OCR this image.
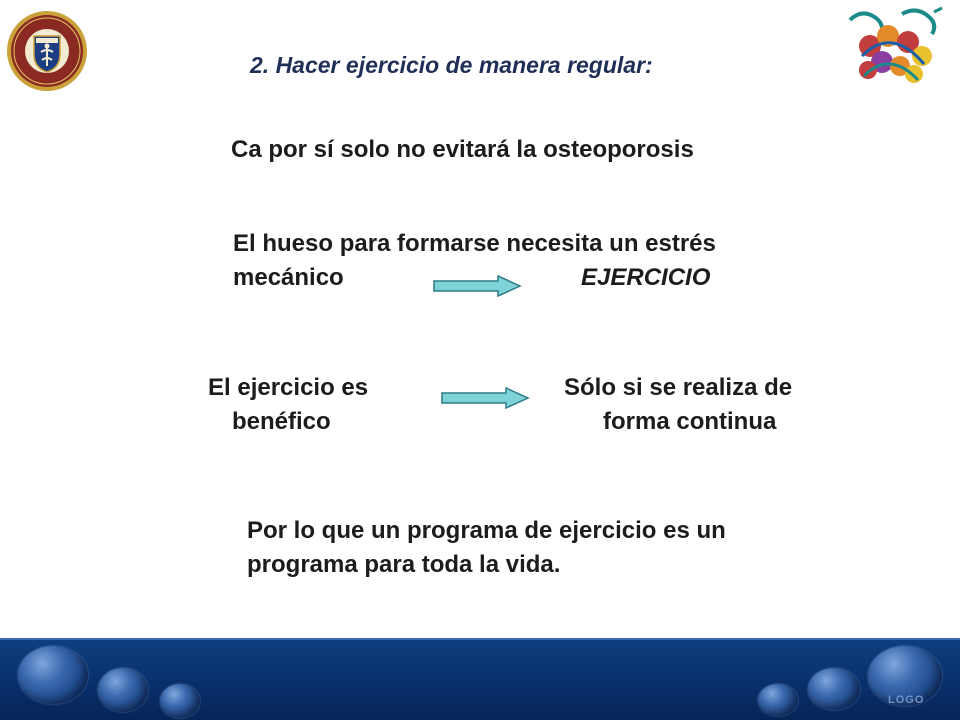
2. Hacer ejercicio de manera regular:
Ca por sí solo no evitará la osteoporosis
El hueso para formarse necesita un estrés
mecánico	EJERCICIO
El ejercicio es
benéfico
Sólo si se realiza de
forma continua
Por lo que un programa de ejercicio es un
programa para toda la vida.
LOGO
